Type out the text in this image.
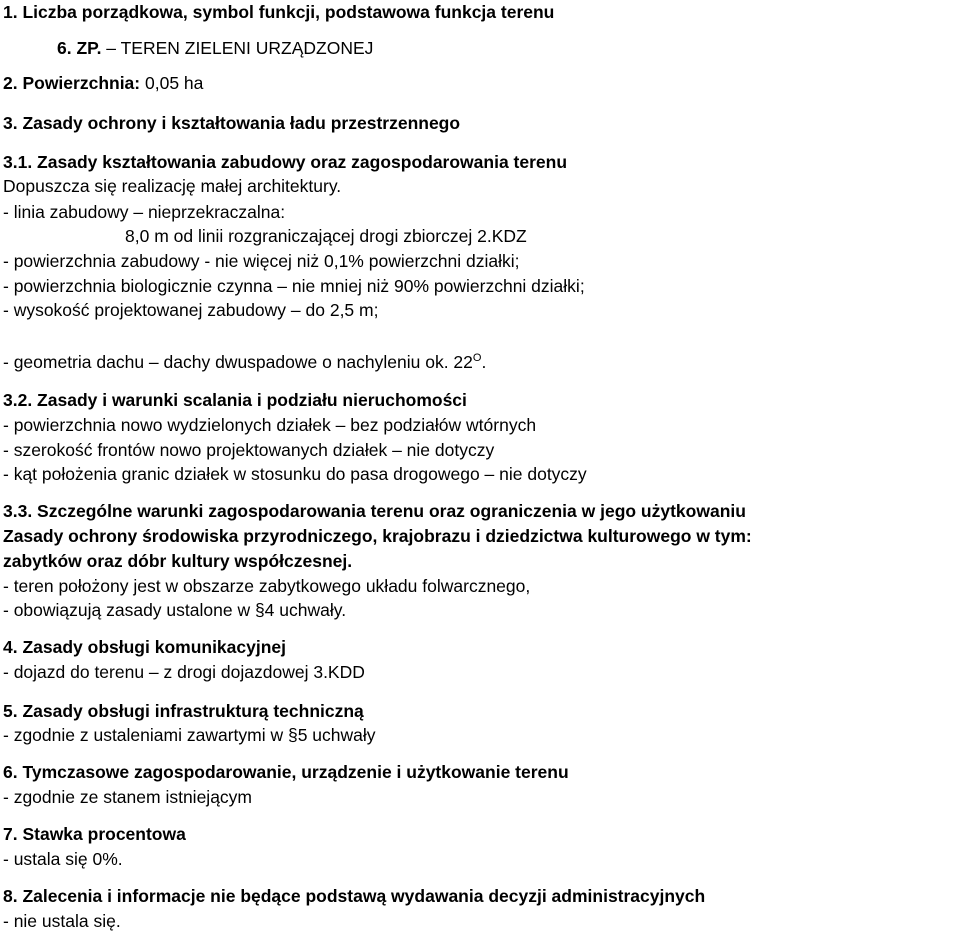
1. Liczba porządkowa, symbol funkcji, podstawowa funkcja terenu
6. ZP. – TEREN ZIELENI URZĄDZONEJ
2. Powierzchnia: 0,05 ha
3. Zasady ochrony i kształtowania ładu przestrzennego
3.1. Zasady kształtowania zabudowy oraz zagospodarowania terenu
Dopuszcza się realizację małej architektury.
- linia zabudowy – nieprzekraczalna:
8,0 m od linii rozgraniczającej drogi zbiorczej 2.KDZ
- powierzchnia zabudowy - nie więcej niż 0,1% powierzchni działki;
- powierzchnia biologicznie czynna – nie mniej niż 90% powierzchni działki;
- wysokość projektowanej zabudowy – do 2,5 m;
- geometria dachu – dachy dwuspadowe o nachyleniu ok. $22^O$.
3.2. Zasady i warunki scalania i podziału nieruchomości
- powierzchnia nowo wydzielonych działek – bez podziałów wtórnych
- szerokość frontów nowo projektowanych działek – nie dotyczy
- kąt położenia granic działek w stosunku do pasa drogowego – nie dotyczy
3.3. Szczególne warunki zagospodarowania terenu oraz ograniczenia w jego użytkowaniu
Zasady ochrony środowiska przyrodniczego, krajobrazu i dziedzictwa kulturowego w tym:
zabytków oraz dóbr kultury współczesnej.
- teren położony jest w obszarze zabytkowego układu folwarcznego,
- obowiązują zasady ustalone w §4 uchwały.
4. Zasady obsługi komunikacyjnej
- dojazd do terenu – z drogi dojazdowej 3.KDD
5. Zasady obsługi infrastrukturą techniczną
- zgodnie z ustaleniami zawartymi w §5 uchwały
6. Tymczasowe zagospodarowanie, urządzenie i użytkowanie terenu
- zgodnie ze stanem istniejącym
7. Stawka procentowa
- ustala się 0%.
8. Zalecenia i informacje nie będące podstawą wydawania decyzji administracyjnych
- nie ustala się.
